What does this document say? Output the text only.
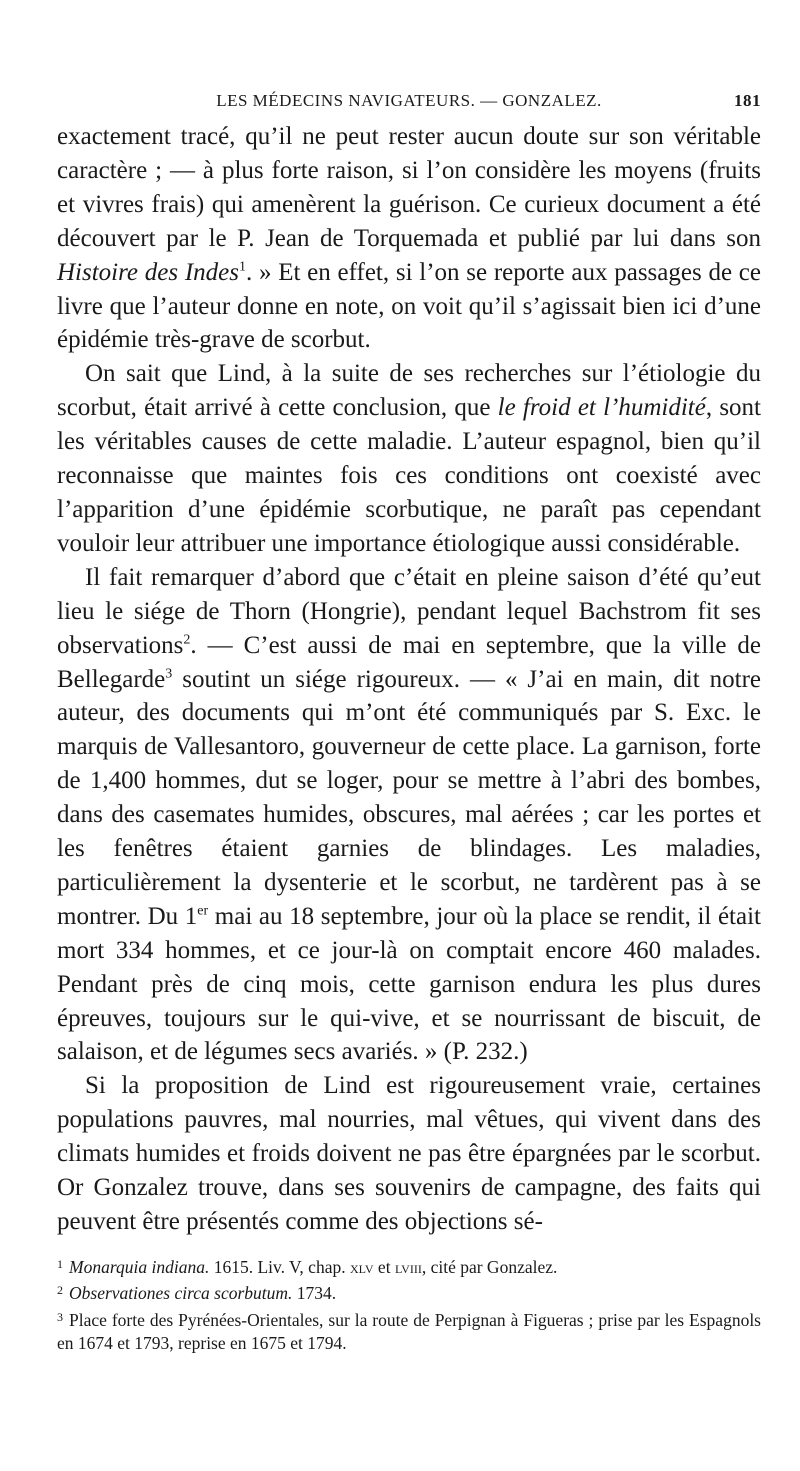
LES MÉDECINS NAVIGATEURS. — GONZALEZ.	181

exactement tracé, qu’il ne peut rester aucun doute sur son véritable caractère ; — à plus forte raison, si l’on considère les moyens (fruits et vivres frais) qui amenèrent la guérison. Ce curieux document a été découvert par le P. Jean de Torquemada et publié par lui dans son Histoire des Indes$^1$. » Et en effet, si l’on se reporte aux passages de ce livre que l’auteur donne en note, on voit qu’il s’agissait bien ici d’une épidémie très-grave de scorbut.

On sait que Lind, à la suite de ses recherches sur l’étiologie du scorbut, était arrivé à cette conclusion, que le froid et l’humidité, sont les véritables causes de cette maladie. L’auteur espagnol, bien qu’il reconnaisse que maintes fois ces conditions ont coexisté avec l’apparition d’une épidémie scorbutique, ne paraît pas cependant vouloir leur attribuer une importance étiologique aussi considérable.

Il fait remarquer d’abord que c’était en pleine saison d’été qu’eut lieu le siége de Thorn (Hongrie), pendant lequel Bachstrom fit ses observations$^2$. — C’est aussi de mai en septembre, que la ville de Bellegarde$^3$ soutint un siége rigoureux. — « J’ai en main, dit notre auteur, des documents qui m’ont été communiqués par S. Exc. le marquis de Vallesantoro, gouverneur de cette place. La garnison, forte de 1,400 hommes, dut se loger, pour se mettre à l’abri des bombes, dans des casemates humides, obscures, mal aérées ; car les portes et les fenêtres étaient garnies de blindages. Les maladies, particulièrement la dysenterie et le scorbut, ne tardèrent pas à se montrer. Du 1er mai au 18 septembre, jour où la place se rendit, il était mort 334 hommes, et ce jour-là on comptait encore 460 malades. Pendant près de cinq mois, cette garnison endura les plus dures épreuves, toujours sur le qui-vive, et se nourrissant de biscuit, de salaison, et de légumes secs avariés. » (P. 232.)

Si la proposition de Lind est rigoureusement vraie, certaines populations pauvres, mal nourries, mal vêtues, qui vivent dans des climats humides et froids doivent ne pas être épargnées par le scorbut. Or Gonzalez trouve, dans ses souvenirs de campagne, des faits qui peuvent être présentés comme des objections sé-

$^1$ Monarquia indiana. 1615. Liv. V, chap. xlv et lviii, cité par Gonzalez.

$^2$ Observationes circa scorbutum. 1734.

$^3$ Place forte des Pyrénées-Orientales, sur la route de Perpignan à Figueras ; prise par les Espagnols en 1674 et 1793, reprise en 1675 et 1794.
